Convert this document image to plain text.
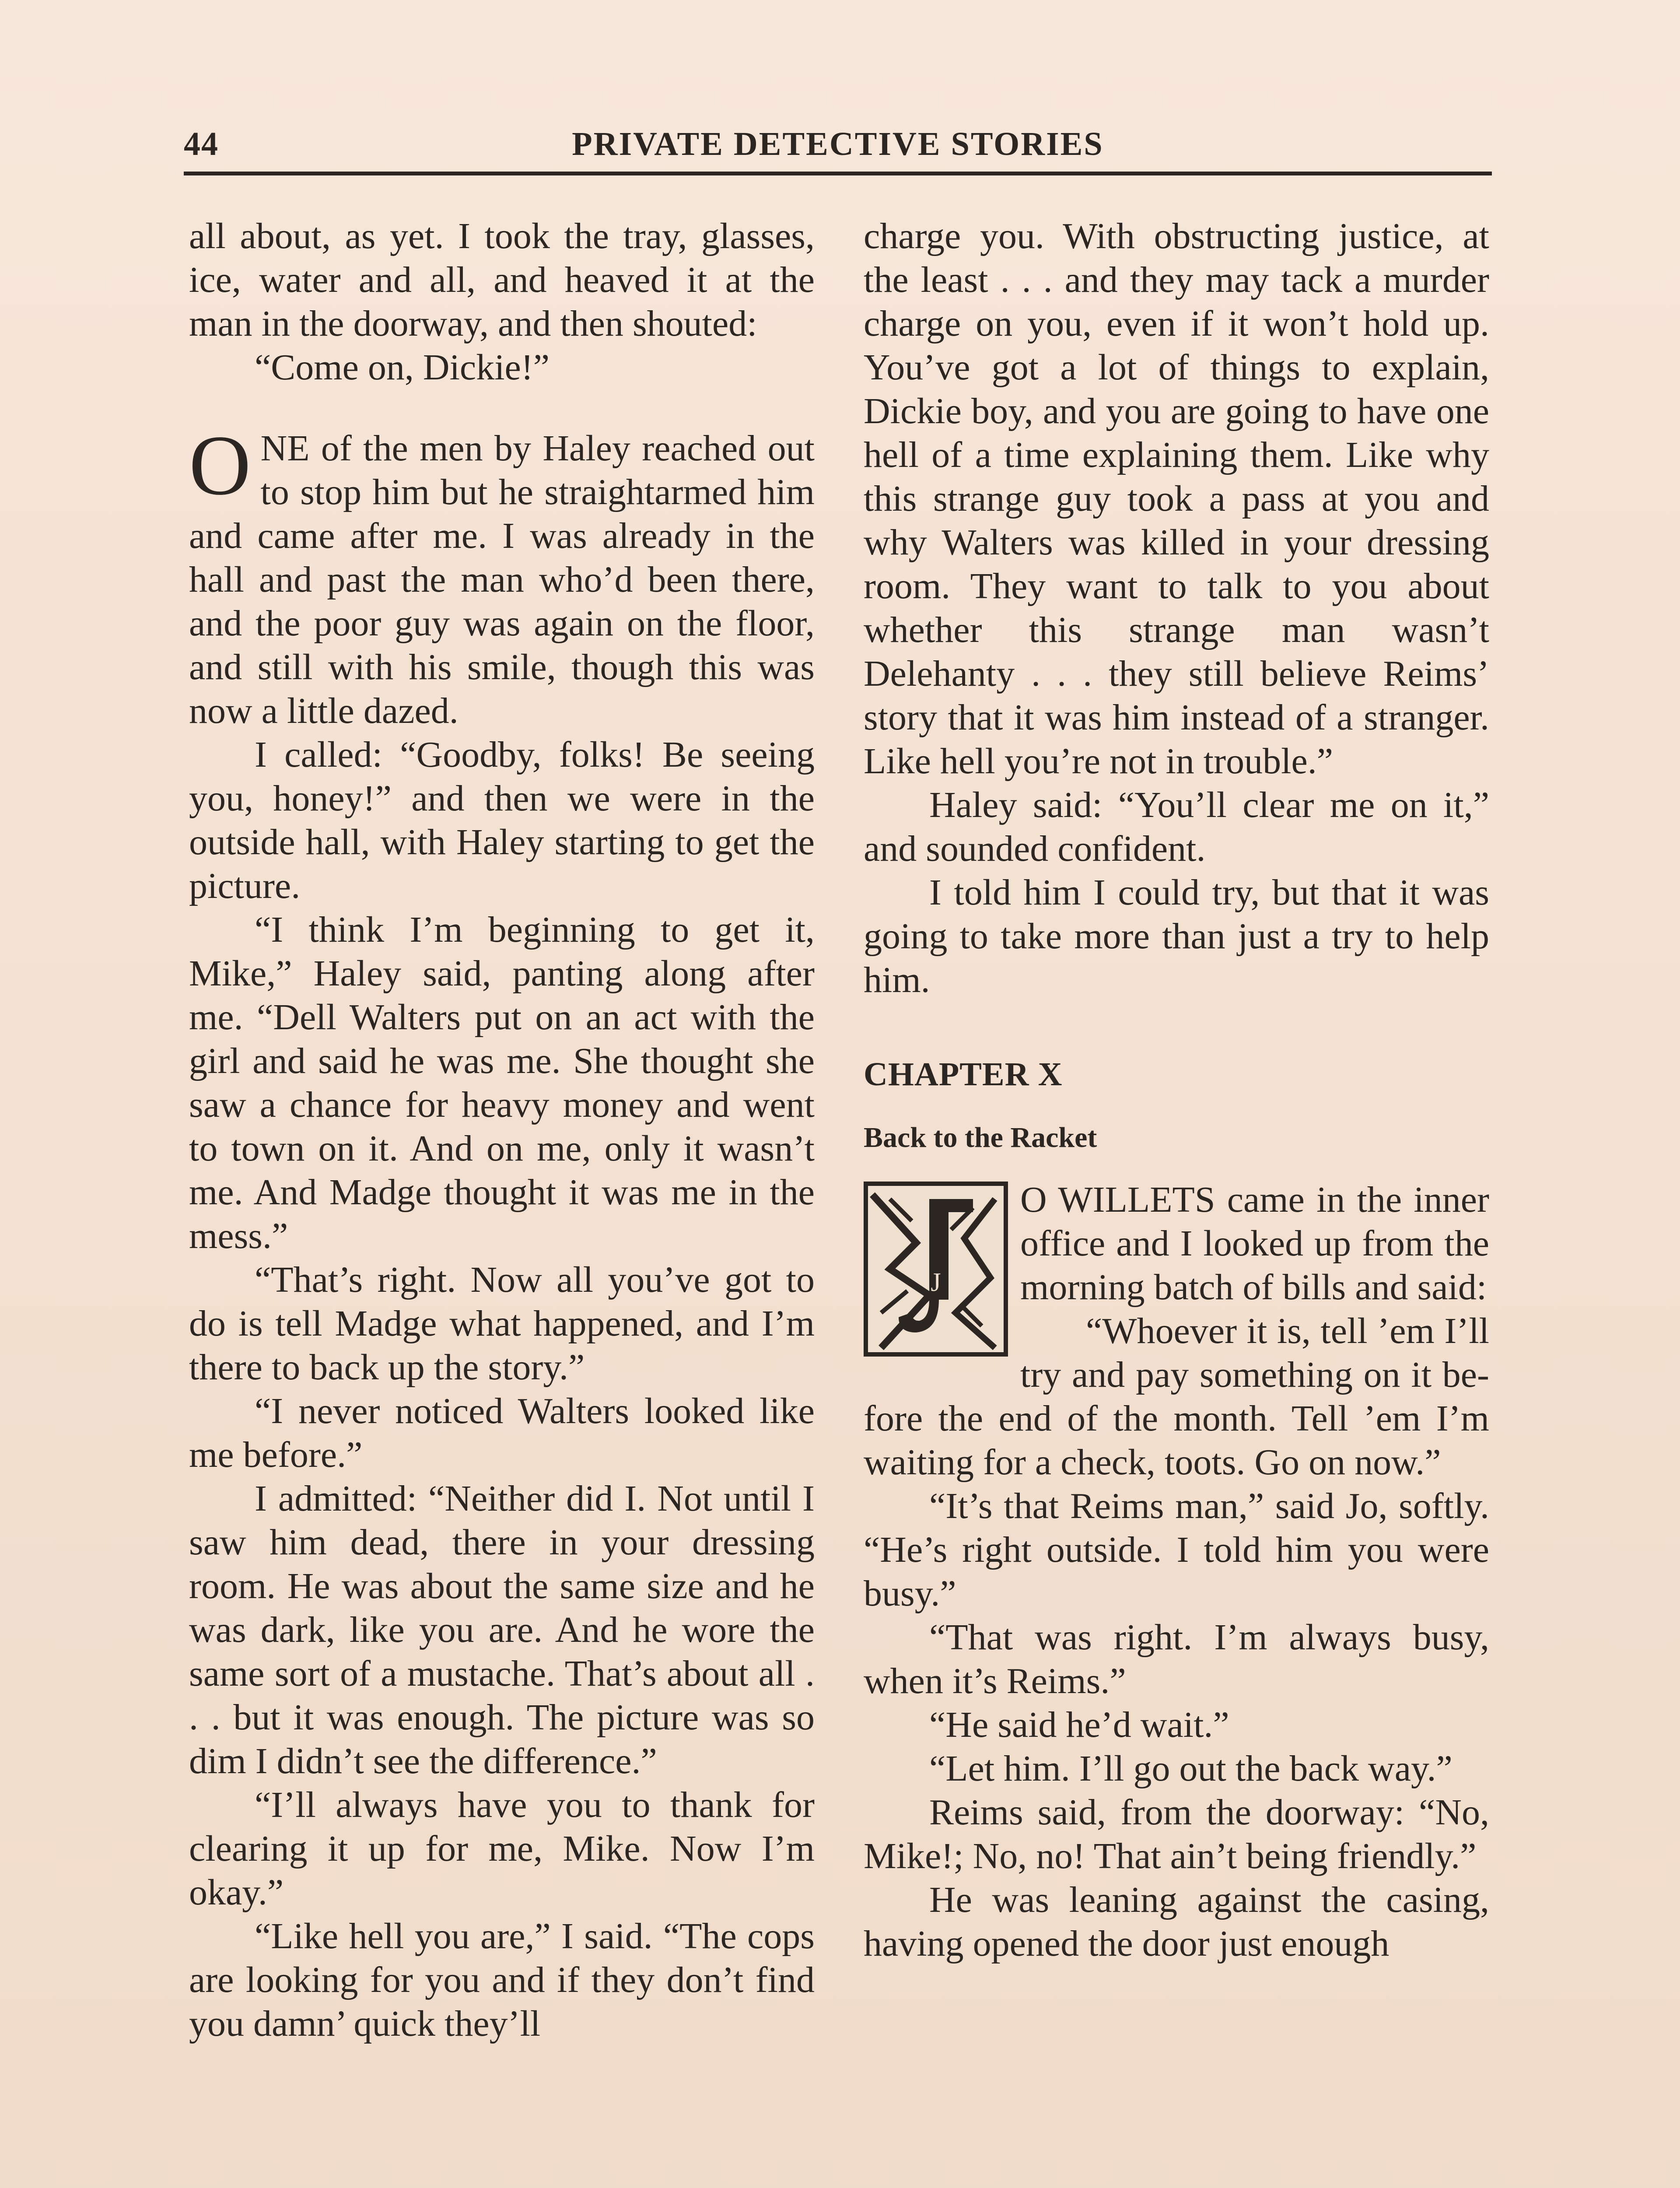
44	PRIVATE DETECTIVE STORIES

all about, as yet. I took the tray, glasses, ice, water and all, and heaved it at the man in the doorway, and then shouted:

“Come on, Dickie!”

ONE of the men by Haley reached out to stop him but he straightarmed him and came after me. I was already in the hall and past the man who’d been there, and the poor guy was again on the floor, and still with his smile, though this was now a little dazed.

I called: “Goodby, folks! Be seeing you, honey!” and then we were in the outside hall, with Haley starting to get the picture.

“I think I’m beginning to get it, Mike,” Haley said, panting along after me. “Dell Walters put on an act with the girl and said he was me. She thought she saw a chance for heavy money and went to town on it. And on me, only it wasn’t me. And Madge thought it was me in the mess.”

“That’s right. Now all you’ve got to do is tell Madge what happened, and I’m there to back up the story.”

“I never noticed Walters looked like me before.”

I admitted: “Neither did I. Not until I saw him dead, there in your dressing room. He was about the same size and he was dark, like you are. And he wore the same sort of a mustache. That’s about all . . . but it was enough. The picture was so dim I didn’t see the difference.”

“I’ll always have you to thank for clearing it up for me, Mike. Now I’m okay.”

“Like hell you are,” I said. “The cops are looking for you and if they don’t find you damn’ quick they’ll

charge you. With obstructing justice, at the least . . . and they may tack a murder charge on you, even if it won’t hold up. You’ve got a lot of things to explain, Dickie boy, and you are going to have one hell of a time explaining them. Like why this strange guy took a pass at you and why Walters was killed in your dressing room. They want to talk to you about whether this strange man wasn’t Delehanty . . . they still believe Reims’ story that it was him instead of a stranger. Like hell you’re not in trouble.”

Haley said: “You’ll clear me on it,” and sounded confident.

I told him I could try, but that it was going to take more than just a try to help him.

CHAPTER X

Back to the Racket

J
O WILLETS came in the inner office and I looked up from the morning batch of bills and said:

“Whoever it is, tell ’em I’ll try and pay something on it before the end of the month. Tell ’em I’m waiting for a check, toots. Go on now.”

“It’s that Reims man,” said Jo, softly. “He’s right outside. I told him you were busy.”

“That was right. I’m always busy, when it’s Reims.”

“He said he’d wait.”

“Let him. I’ll go out the back way.”

Reims said, from the doorway: “No, Mike!; No, no! That ain’t being friendly.”

He was leaning against the casing, having opened the door just enough
